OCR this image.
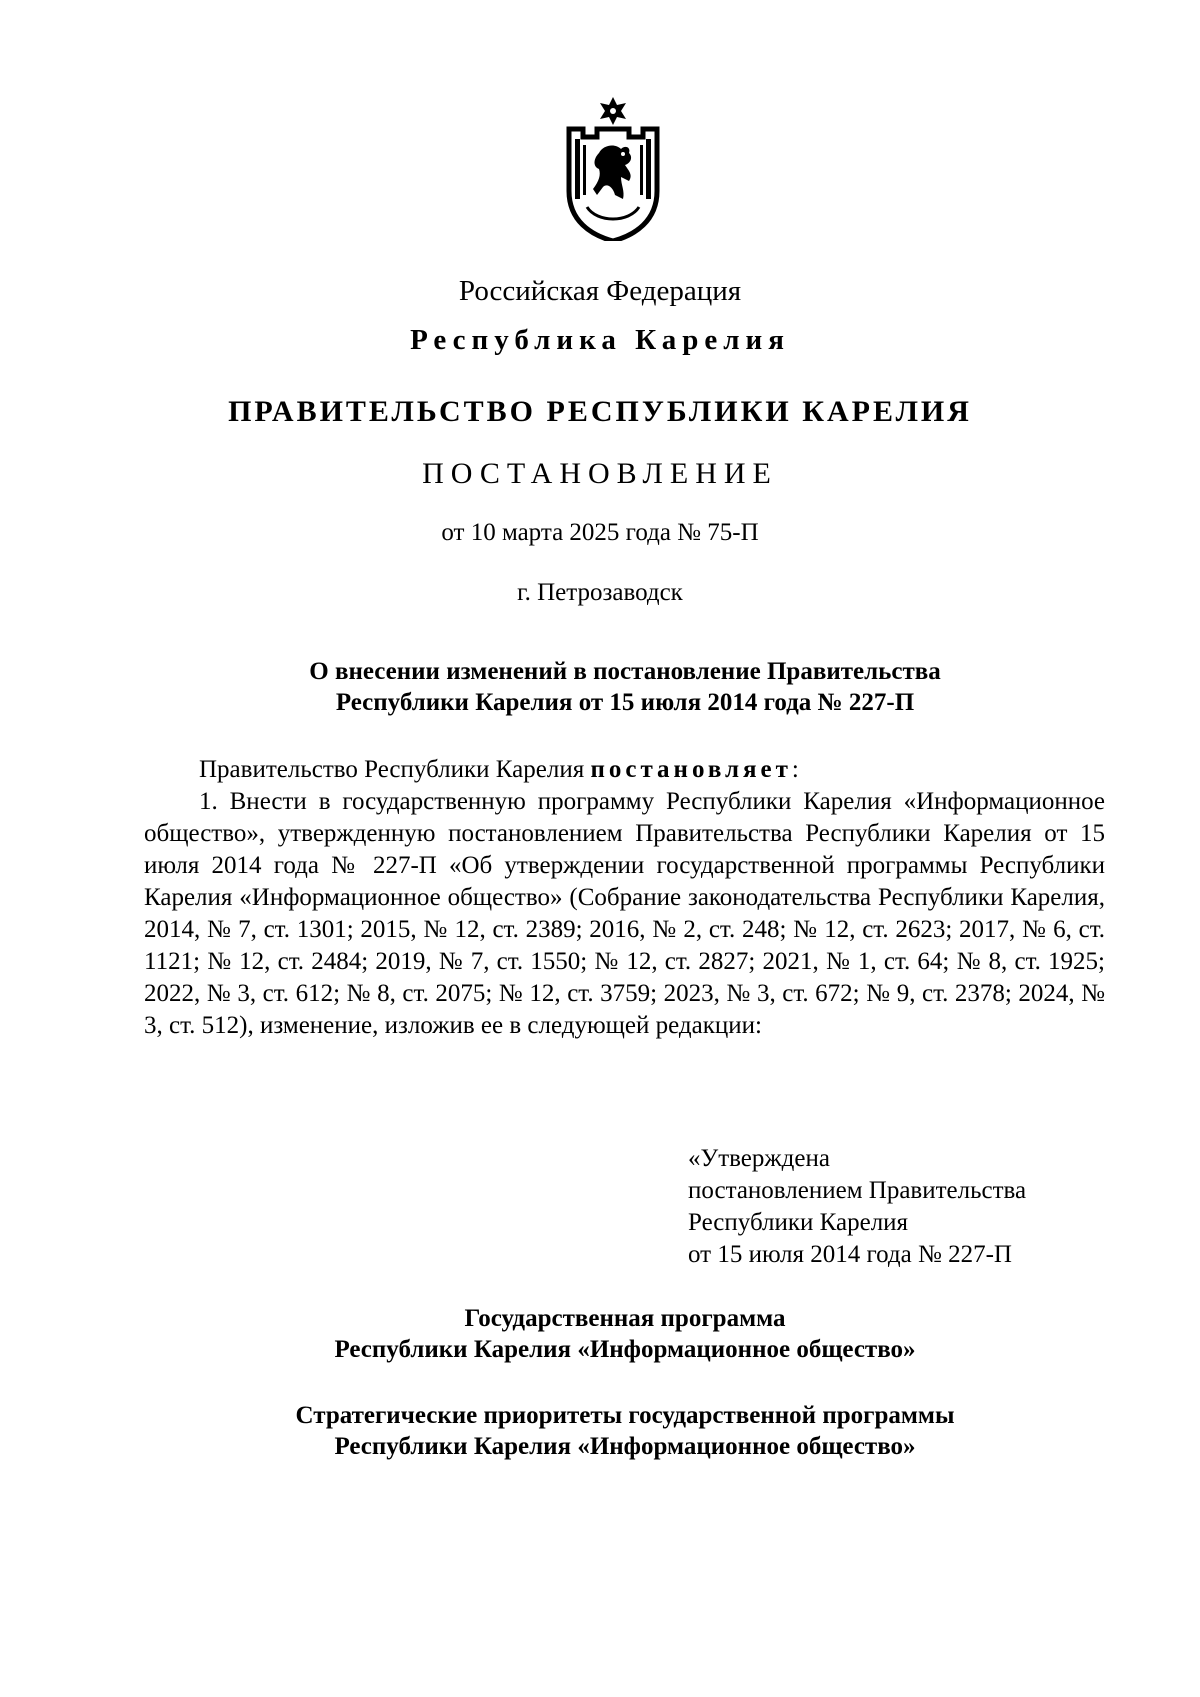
Российская Федерация
Республика Карелия
ПРАВИТЕЛЬСТВО РЕСПУБЛИКИ КАРЕЛИЯ
ПОСТАНОВЛЕНИЕ
от 10 марта 2025 года № 75-П
г. Петрозаводск
О внесении изменений в постановление Правительства
Республики Карелия от 15 июля 2014 года № 227-П
Правительство Республики Карелия постановляет:
1. Внести в государственную программу Республики Карелия «Информационное общество», утвержденную постановлением Правительства Республики Карелия от 15 июля 2014 года № 227-П «Об утверждении государственной программы Республики Карелия «Информационное общество» (Собрание законодательства Республики Карелия, 2014, № 7, ст. 1301; 2015, № 12, ст. 2389; 2016, № 2, ст. 248; № 12, ст. 2623; 2017, № 6, ст. 1121; № 12, ст. 2484; 2019, № 7, ст. 1550; № 12, ст. 2827; 2021, № 1, ст. 64; № 8, ст. 1925; 2022, № 3, ст. 612; № 8, ст. 2075; № 12, ст. 3759; 2023, № 3, ст. 672; № 9, ст. 2378; 2024, № 3, ст. 512), изменение, изложив ее в следующей редакции:
«Утверждена
постановлением Правительства
Республики Карелия
от 15 июля 2014 года № 227-П
Государственная программа
Республики Карелия «Информационное общество»
Стратегические приоритеты государственной программы
Республики Карелия «Информационное общество»
